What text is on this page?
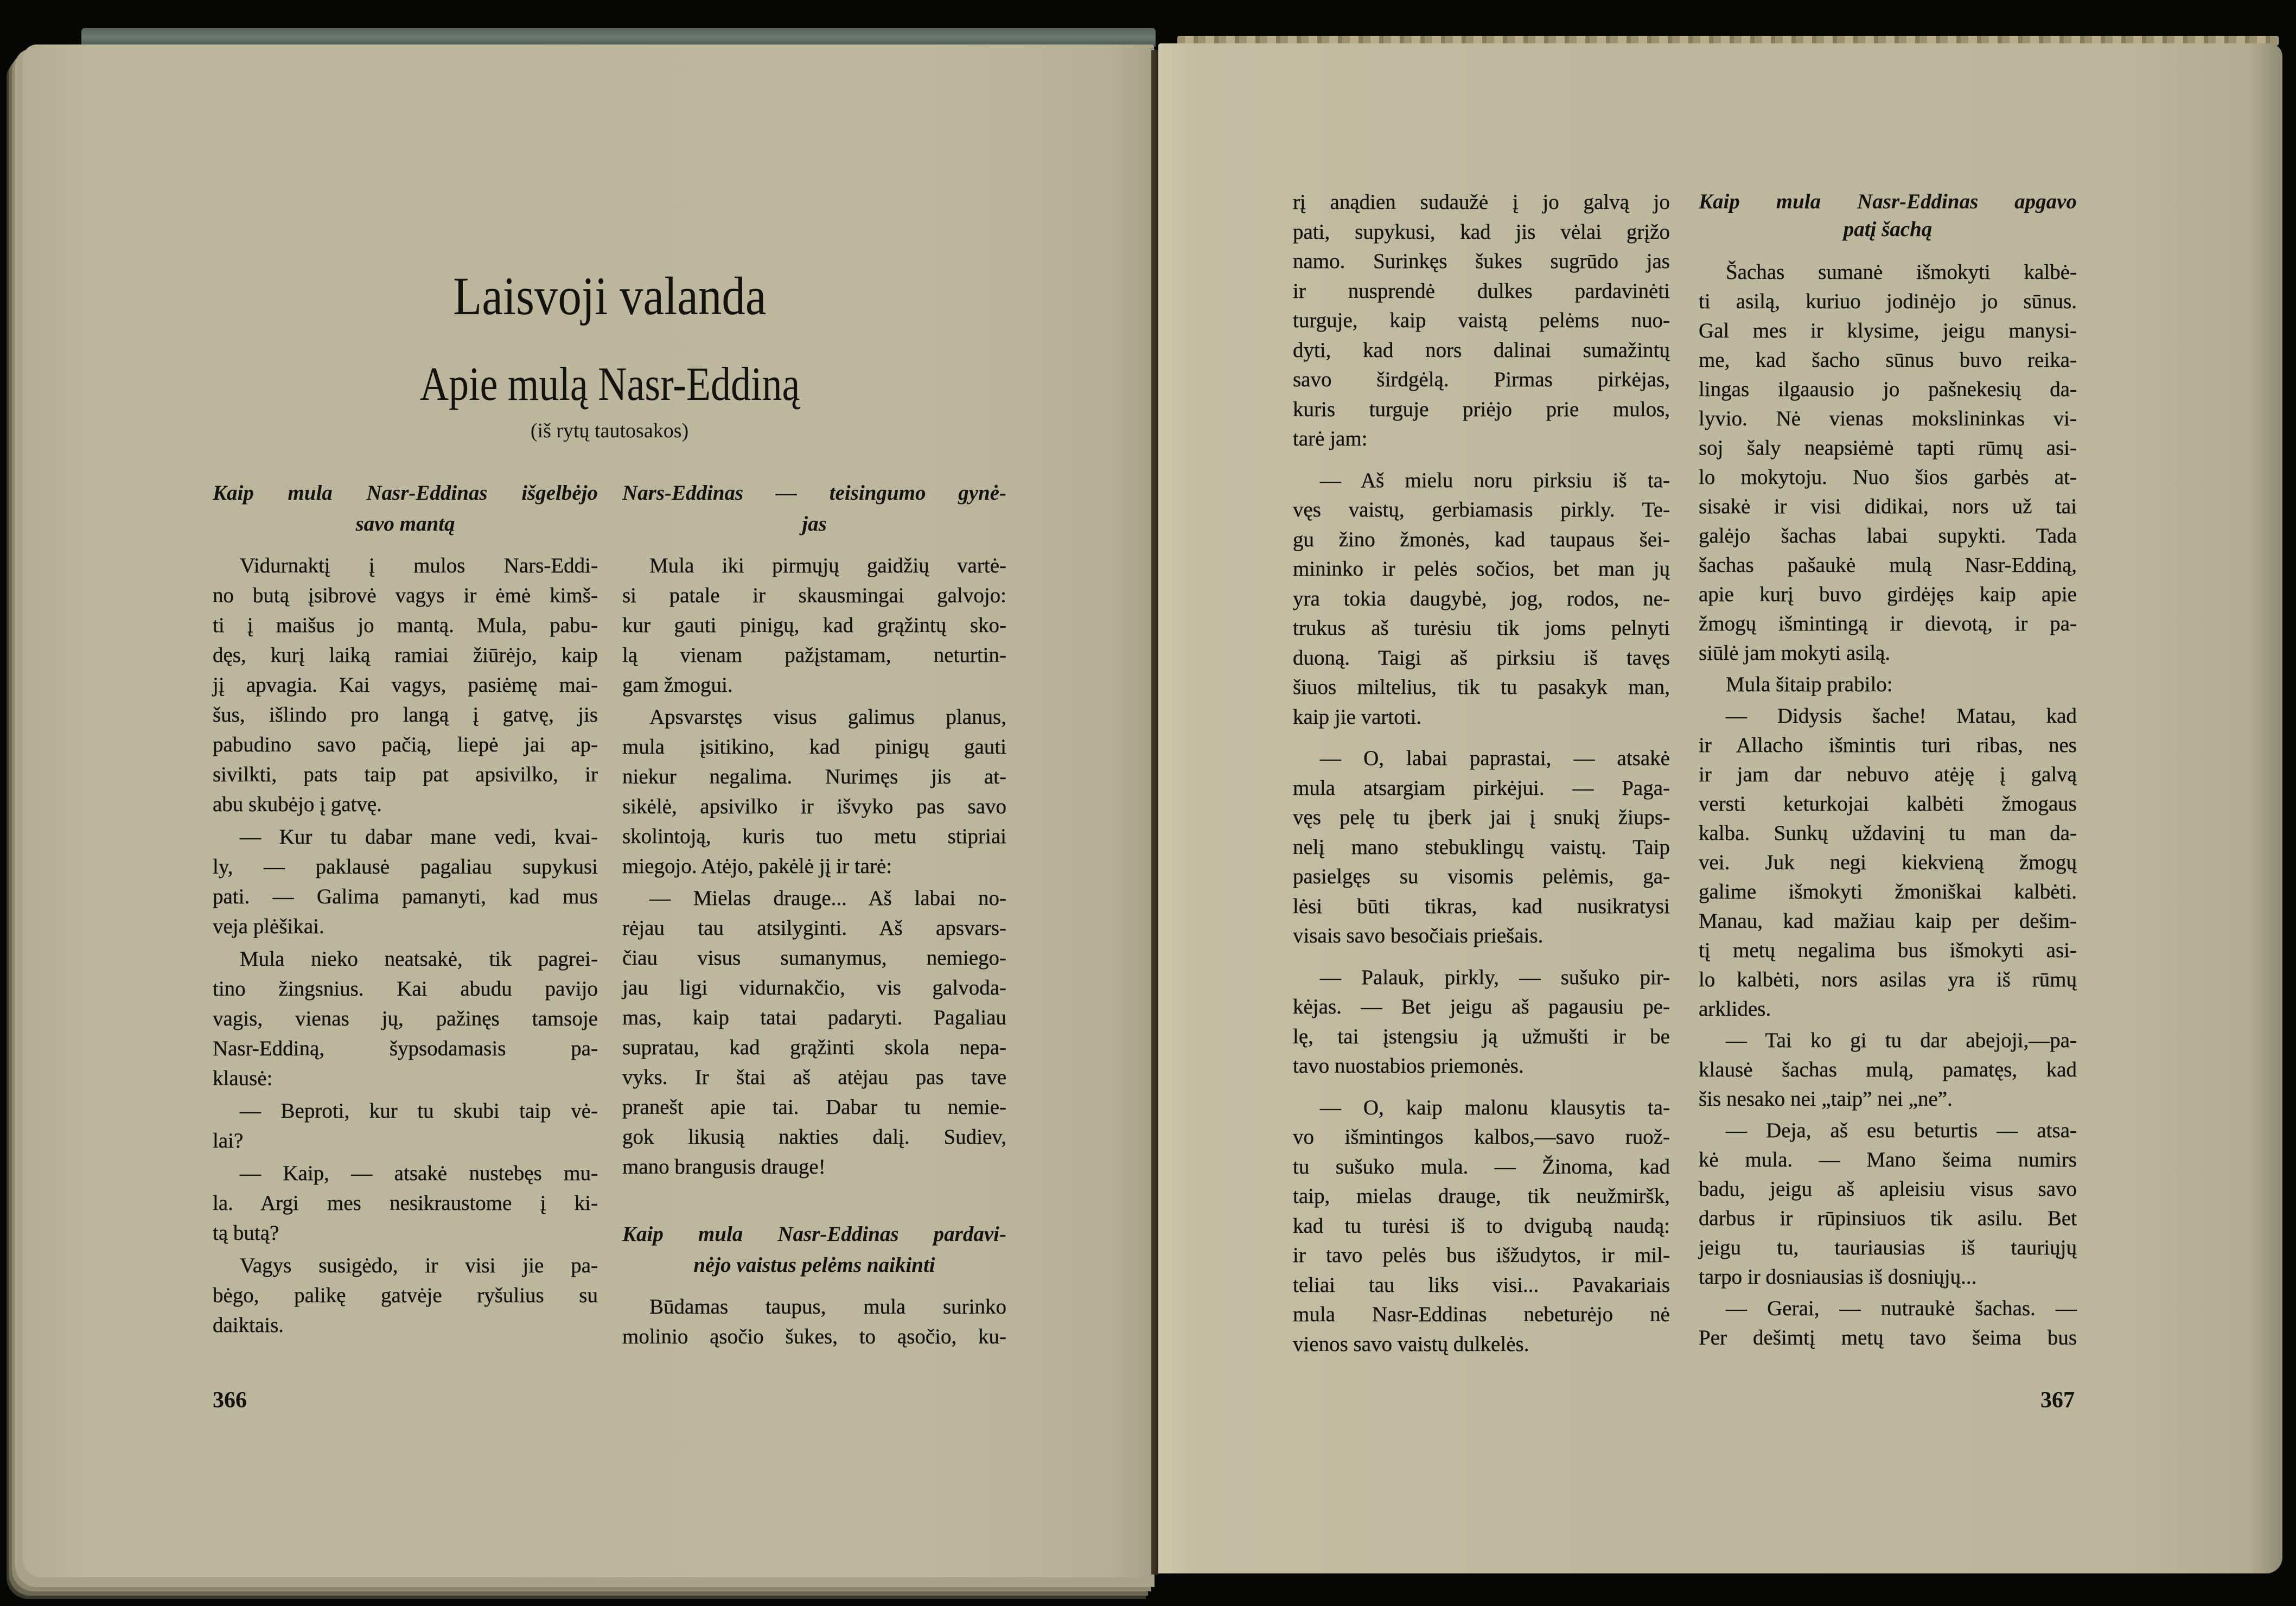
Laisvoji valanda
Apie mulą Nasr-Eddiną
(iš rytų tautosakos)
Kaip mula Nasr-Eddinas išgelbėjo
savo mantą
Vidurnaktį į mulos Nars-Eddi-
no butą įsibrovė vagys ir ėmė kimš-
ti į maišus jo mantą. Mula, pabu-
dęs, kurį laiką ramiai žiūrėjo, kaip
jį apvagia. Kai vagys, pasiėmę mai-
šus, išlindo pro langą į gatvę, jis
pabudino savo pačią, liepė jai ap-
sivilkti, pats taip pat apsivilko, ir
abu skubėjo į gatvę.
— Kur tu dabar mane vedi, kvai-
ly, — paklausė pagaliau supykusi
pati. — Galima pamanyti, kad mus
veja plėšikai.
Mula nieko neatsakė, tik pagrei-
tino žingsnius. Kai abudu pavijo
vagis, vienas jų, pažinęs tamsoje
Nasr-Eddiną, šypsodamasis pa-
klausė:
— Beproti, kur tu skubi taip vė-
lai?
— Kaip, — atsakė nustebęs mu-
la. Argi mes nesikraustome į ki-
tą butą?
Vagys susigėdo, ir visi jie pa-
bėgo, palikę gatvėje ryšulius su
daiktais.
Nars-Eddinas — teisingumo gynė-
jas
Mula iki pirmųjų gaidžių vartė-
si patale ir skausmingai galvojo:
kur gauti pinigų, kad grąžintų sko-
lą vienam pažįstamam, neturtin-
gam žmogui.
Apsvarstęs visus galimus planus,
mula įsitikino, kad pinigų gauti
niekur negalima. Nurimęs jis at-
sikėlė, apsivilko ir išvyko pas savo
skolintoją, kuris tuo metu stipriai
miegojo. Atėjo, pakėlė jį ir tarė:
— Mielas drauge... Aš labai no-
rėjau tau atsilyginti. Aš apsvars-
čiau visus sumanymus, nemiego-
jau ligi vidurnakčio, vis galvoda-
mas, kaip tatai padaryti. Pagaliau
supratau, kad grąžinti skola nepa-
vyks. Ir štai aš atėjau pas tave
pranešt apie tai. Dabar tu nemie-
gok likusią nakties dalį. Sudiev,
mano brangusis drauge!
Kaip mula Nasr-Eddinas pardavi-
nėjo vaistus pelėms naikinti
Būdamas taupus, mula surinko
molinio ąsočio šukes, to ąsočio, ku-
rį anądien sudaužė į jo galvą jo
pati, supykusi, kad jis vėlai grįžo
namo. Surinkęs šukes sugrūdo jas
ir nusprendė dulkes pardavinėti
turguje, kaip vaistą pelėms nuo-
dyti, kad nors dalinai sumažintų
savo širdgėlą. Pirmas pirkėjas,
kuris turguje priėjo prie mulos,
tarė jam:
— Aš mielu noru pirksiu iš ta-
vęs vaistų, gerbiamasis pirkly. Te-
gu žino žmonės, kad taupaus šei-
mininko ir pelės sočios, bet man jų
yra tokia daugybė, jog, rodos, ne-
trukus aš turėsiu tik joms pelnyti
duoną. Taigi aš pirksiu iš tavęs
šiuos miltelius, tik tu pasakyk man,
kaip jie vartoti.
— O, labai paprastai, — atsakė
mula atsargiam pirkėjui. — Paga-
vęs pelę tu įberk jai į snukį žiups-
nelį mano stebuklingų vaistų. Taip
pasielgęs su visomis pelėmis, ga-
lėsi būti tikras, kad nusikratysi
visais savo besočiais priešais.
— Palauk, pirkly, — sušuko pir-
kėjas. — Bet jeigu aš pagausiu pe-
lę, tai įstengsiu ją užmušti ir be
tavo nuostabios priemonės.
— O, kaip malonu klausytis ta-
vo išmintingos kalbos,—savo ruož-
tu sušuko mula. — Žinoma, kad
taip, mielas drauge, tik neužmiršk,
kad tu turėsi iš to dvigubą naudą:
ir tavo pelės bus išžudytos, ir mil-
teliai tau liks visi... Pavakariais
mula Nasr-Eddinas nebeturėjo nė
vienos savo vaistų dulkelės.
Kaip mula Nasr-Eddinas apgavo
patį šachą
Šachas sumanė išmokyti kalbė-
ti asilą, kuriuo jodinėjo jo sūnus.
Gal mes ir klysime, jeigu manysi-
me, kad šacho sūnus buvo reika-
lingas ilgaausio jo pašnekesių da-
lyvio. Nė vienas mokslininkas vi-
soj šaly neapsiėmė tapti rūmų asi-
lo mokytoju. Nuo šios garbės at-
sisakė ir visi didikai, nors už tai
galėjo šachas labai supykti. Tada
šachas pašaukė mulą Nasr-Eddiną,
apie kurį buvo girdėjęs kaip apie
žmogų išmintingą ir dievotą, ir pa-
siūlė jam mokyti asilą.
Mula šitaip prabilo:
— Didysis šache! Matau, kad
ir Allacho išmintis turi ribas, nes
ir jam dar nebuvo atėję į galvą
versti keturkojai kalbėti žmogaus
kalba. Sunkų uždavinį tu man da-
vei. Juk negi kiekvieną žmogų
galime išmokyti žmoniškai kalbėti.
Manau, kad mažiau kaip per dešim-
tį metų negalima bus išmokyti asi-
lo kalbėti, nors asilas yra iš rūmų
arklides.
— Tai ko gi tu dar abejoji,—pa-
klausė šachas mulą, pamatęs, kad
šis nesako nei „taip” nei „ne”.
— Deja, aš esu beturtis — atsa-
kė mula. — Mano šeima numirs
badu, jeigu aš apleisiu visus savo
darbus ir rūpinsiuos tik asilu. Bet
jeigu tu, tauriausias iš tauriųjų
tarpo ir dosniausias iš dosniųjų...
— Gerai, — nutraukė šachas. —
Per dešimtį metų tavo šeima bus
366	367
